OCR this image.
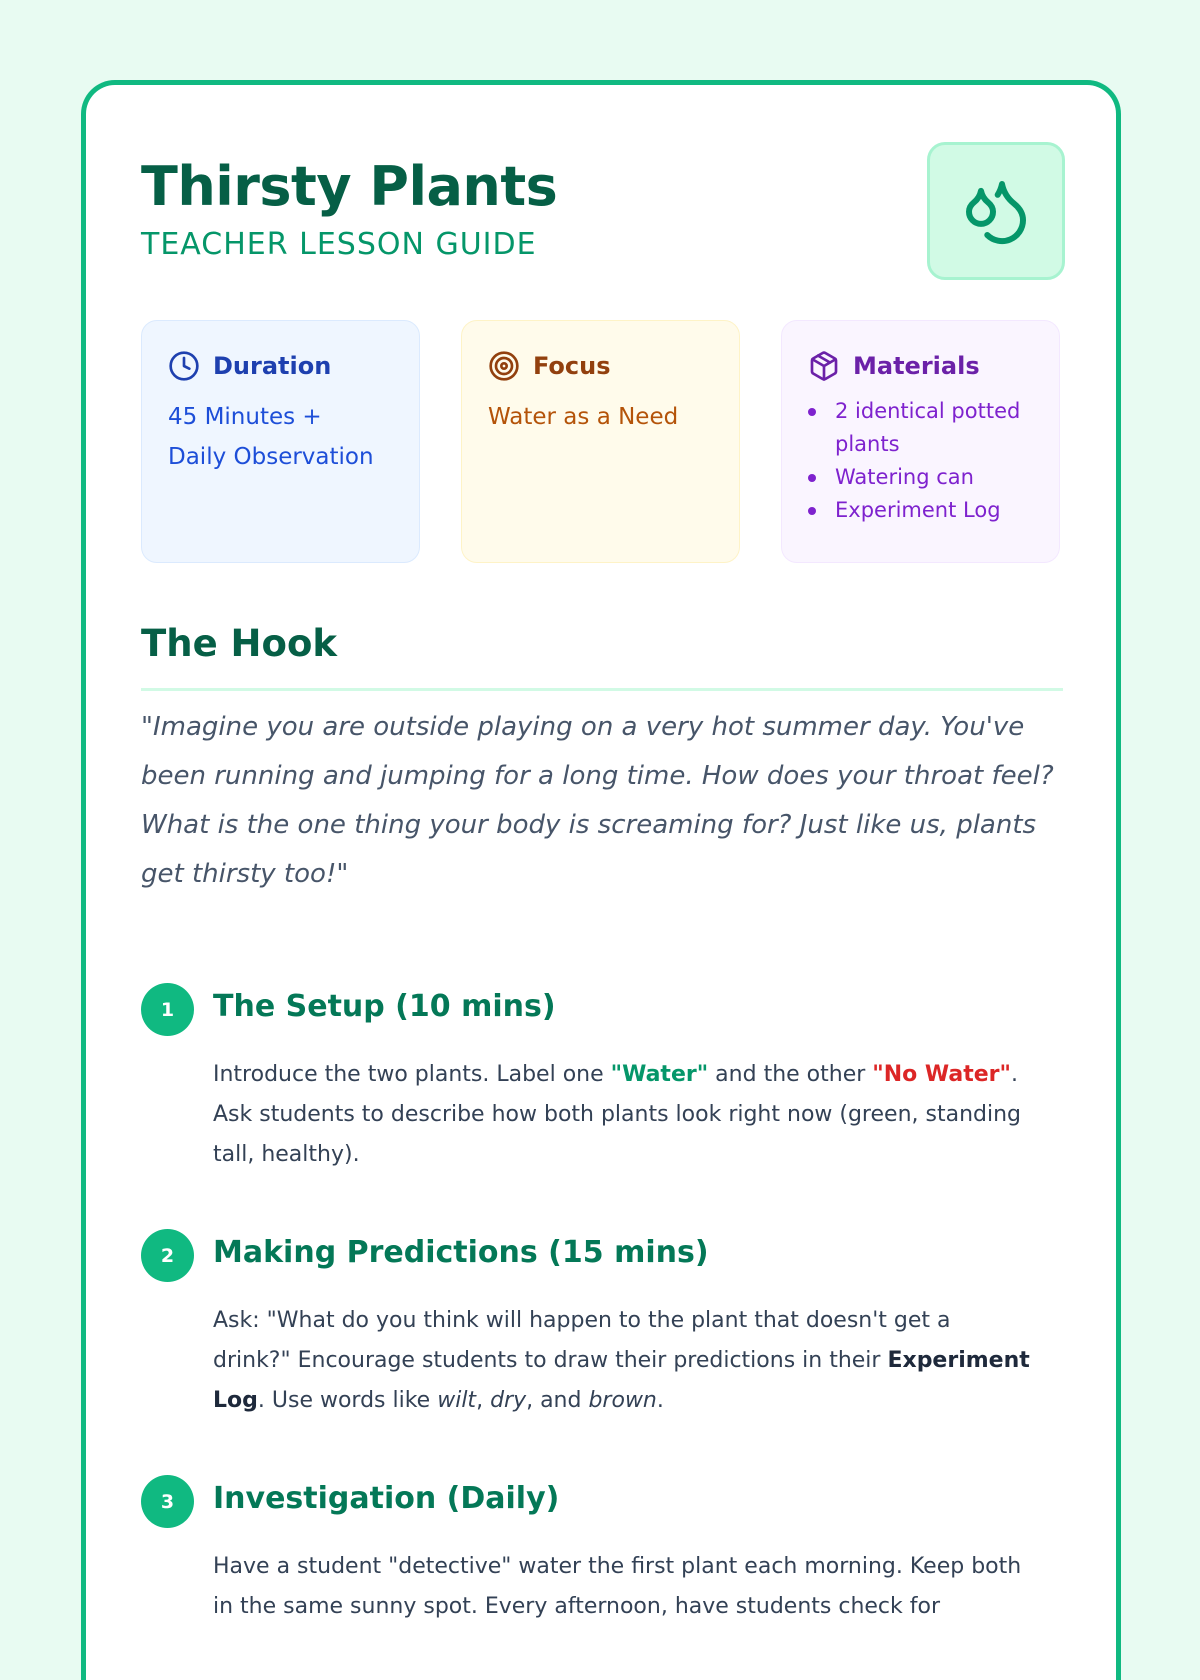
Thirsty Plants
TEACHER LESSON GUIDE
Duration
45 Minutes +
Daily Observation
Focus
Water as a Need
Materials
2 identical potted plants
Watering can
Experiment Log
The Hook

"Imagine you are outside playing on a very hot summer day. You've been running and jumping for a long time. How does your throat feel? What is the one thing your body is screaming for? Just like us, plants get thirsty too!"

1	The Setup (10 mins)

Introduce the two plants. Label one "Water" and the other "No Water". Ask students to describe how both plants look right now (green, standing tall, healthy).

2	Making Predictions (15 mins)

Ask: "What do you think will happen to the plant that doesn't get a drink?" Encourage students to draw their predictions in their Experiment Log. Use words like wilt, dry, and brown.

3	Investigation (Daily)

Have a student "detective" water the first plant each morning. Keep both in the same sunny spot. Every afternoon, have students check for
